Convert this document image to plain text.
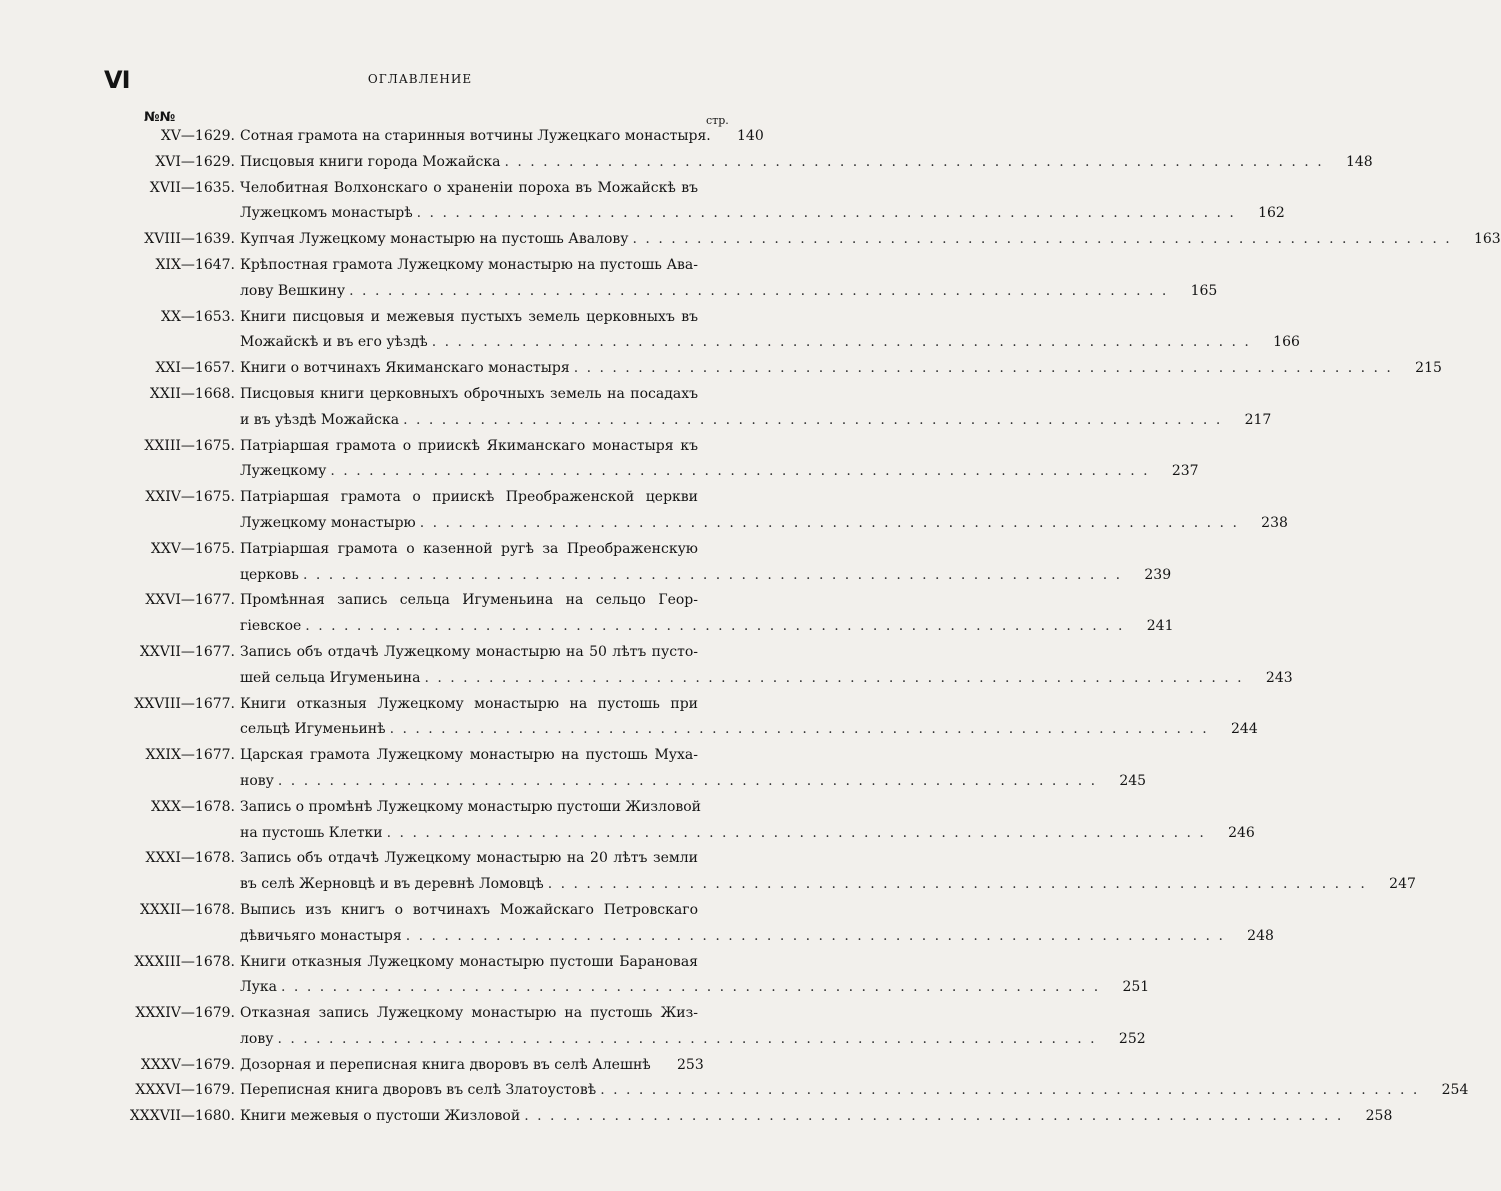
VI	ОГЛАВЛЕНИЕ
№№	стр.
XV—1629. Сотная грамота на старинныя вотчины Лужецкаго монастыря.	140
XVI—1629. Писцовыя книги города Можайска . . . . . . . . . . . . . . . . . . . . . . . . . . . . . . . . . . . . . . . . . . . . . . . . . . . . . . . . . . . . . . . .	148
XVII—1635. Челобитная Волхонскаго о храненіи пороха въ Можайскѣ въ
Лужецкомъ монастырѣ . . . . . . . . . . . . . . . . . . . . . . . . . . . . . . . . . . . . . . . . . . . . . . . . . . . . . . . . . . . . . . . .	162
XVIII—1639. Купчая Лужецкому монастырю на пустошь Авалову . . . . . . . . . . . . . . . . . . . . . . . . . . . . . . . . . . . . . . . . . . . . . . . . . . . . . . . . . . . . . . . .	163
XIX—1647. Крѣпостная грамота Лужецкому монастырю на пустошь Ава-
лову Вешкину . . . . . . . . . . . . . . . . . . . . . . . . . . . . . . . . . . . . . . . . . . . . . . . . . . . . . . . . . . . . . . . .	165
XX—1653. Книги писцовыя и межевыя пустыхъ земель церковныхъ въ
Можайскѣ и въ его уѣздѣ . . . . . . . . . . . . . . . . . . . . . . . . . . . . . . . . . . . . . . . . . . . . . . . . . . . . . . . . . . . . . . . .	166
XXI—1657. Книги о вотчинахъ Якиманскаго монастыря . . . . . . . . . . . . . . . . . . . . . . . . . . . . . . . . . . . . . . . . . . . . . . . . . . . . . . . . . . . . . . . .	215
XXII—1668. Писцовыя книги церковныхъ оброчныхъ земель на посадахъ
и въ уѣздѣ Можайска . . . . . . . . . . . . . . . . . . . . . . . . . . . . . . . . . . . . . . . . . . . . . . . . . . . . . . . . . . . . . . . .	217
XXIII—1675. Патріаршая грамота о приискѣ Якиманскаго монастыря къ
Лужецкому . . . . . . . . . . . . . . . . . . . . . . . . . . . . . . . . . . . . . . . . . . . . . . . . . . . . . . . . . . . . . . . .	237
XXIV—1675. Патріаршая грамота о приискѣ Преображенской церкви
Лужецкому монастырю . . . . . . . . . . . . . . . . . . . . . . . . . . . . . . . . . . . . . . . . . . . . . . . . . . . . . . . . . . . . . . . .	238
XXV—1675. Патріаршая грамота о казенной ругѣ за Преображенскую
церковь . . . . . . . . . . . . . . . . . . . . . . . . . . . . . . . . . . . . . . . . . . . . . . . . . . . . . . . . . . . . . . . .	239
XXVI—1677. Промѣнная запись сельца Игуменьина на сельцо Геор-
гіевское . . . . . . . . . . . . . . . . . . . . . . . . . . . . . . . . . . . . . . . . . . . . . . . . . . . . . . . . . . . . . . . .	241
XXVII—1677. Запись объ отдачѣ Лужецкому монастырю на 50 лѣтъ пусто-
шей сельца Игуменьина . . . . . . . . . . . . . . . . . . . . . . . . . . . . . . . . . . . . . . . . . . . . . . . . . . . . . . . . . . . . . . . .	243
XXVIII—1677. Книги отказныя Лужецкому монастырю на пустошь при
сельцѣ Игуменьинѣ . . . . . . . . . . . . . . . . . . . . . . . . . . . . . . . . . . . . . . . . . . . . . . . . . . . . . . . . . . . . . . . .	244
XXIX—1677. Царская грамота Лужецкому монастырю на пустошь Муха-
нову . . . . . . . . . . . . . . . . . . . . . . . . . . . . . . . . . . . . . . . . . . . . . . . . . . . . . . . . . . . . . . . .	245
XXX—1678. Запись о промѣнѣ Лужецкому монастырю пустоши Жизловой
на пустошь Клетки . . . . . . . . . . . . . . . . . . . . . . . . . . . . . . . . . . . . . . . . . . . . . . . . . . . . . . . . . . . . . . . .	246
XXXI—1678. Запись объ отдачѣ Лужецкому монастырю на 20 лѣтъ земли
въ селѣ Жерновцѣ и въ деревнѣ Ломовцѣ . . . . . . . . . . . . . . . . . . . . . . . . . . . . . . . . . . . . . . . . . . . . . . . . . . . . . . . . . . . . . . . .	247
XXXII—1678. Выпись изъ книгъ о вотчинахъ Можайскаго Петровскаго
дѣвичьяго монастыря . . . . . . . . . . . . . . . . . . . . . . . . . . . . . . . . . . . . . . . . . . . . . . . . . . . . . . . . . . . . . . . .	248
XXXIII—1678. Книги отказныя Лужецкому монастырю пустоши Барановая
Лука . . . . . . . . . . . . . . . . . . . . . . . . . . . . . . . . . . . . . . . . . . . . . . . . . . . . . . . . . . . . . . . .	251
XXXIV—1679. Отказная запись Лужецкому монастырю на пустошь Жиз-
лову . . . . . . . . . . . . . . . . . . . . . . . . . . . . . . . . . . . . . . . . . . . . . . . . . . . . . . . . . . . . . . . .	252
XXXV—1679. Дозорная и переписная книга дворовъ въ селѣ Алешнѣ	253
XXXVI—1679. Переписная книга дворовъ въ селѣ Златоустовѣ . . . . . . . . . . . . . . . . . . . . . . . . . . . . . . . . . . . . . . . . . . . . . . . . . . . . . . . . . . . . . . . .	254
XXXVII—1680. Книги межевыя о пустоши Жизловой . . . . . . . . . . . . . . . . . . . . . . . . . . . . . . . . . . . . . . . . . . . . . . . . . . . . . . . . . . . . . . . .	258
